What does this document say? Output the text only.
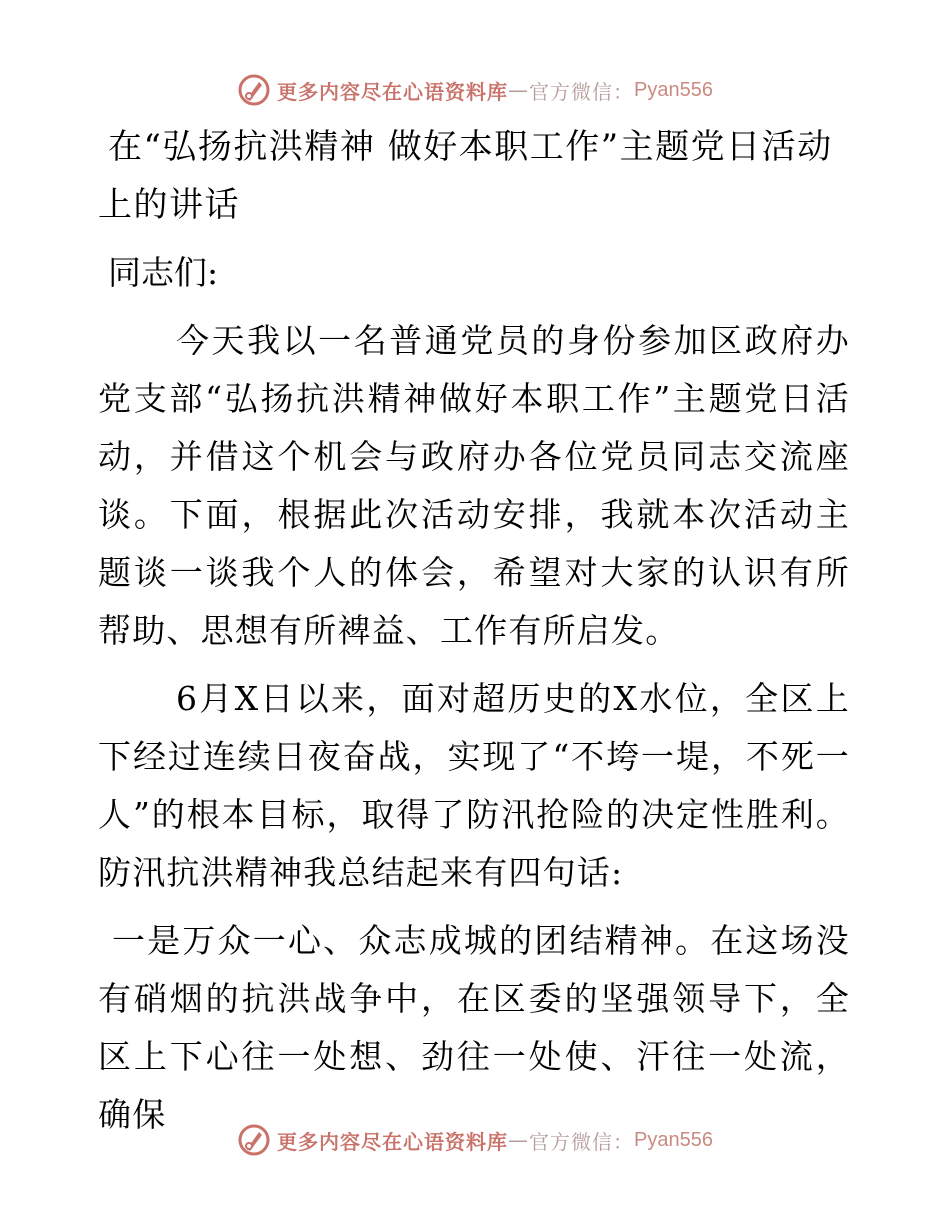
更多内容尽在心语资料库 — 官方微信： Pyan556
在“弘扬抗洪精神 做好本职工作”主题党日活动上的讲话

同志们:

今天我以一名普通党员的身份参加区政府办党支部“弘扬抗洪精神做好本职工作”主题党日活动，并借这个机会与政府办各位党员同志交流座谈。下面，根据此次活动安排，我就本次活动主题谈一谈我个人的体会，希望对大家的认识有所帮助、思想有所裨益、工作有所启发。

6月X日以来，面对超历史的X水位，全区上下经过连续日夜奋战，实现了“不垮一堤，不死一人”的根本目标，取得了防汛抢险的决定性胜利。防汛抗洪精神我总结起来有四句话:

一是万众一心、众志成城的团结精神。在这场没有硝烟的抗洪战争中，在区委的坚强领导下，全区上下心往一处想、劲往一处使、汗往一处流，确保

更多内容尽在心语资料库 — 官方微信： Pyan556
